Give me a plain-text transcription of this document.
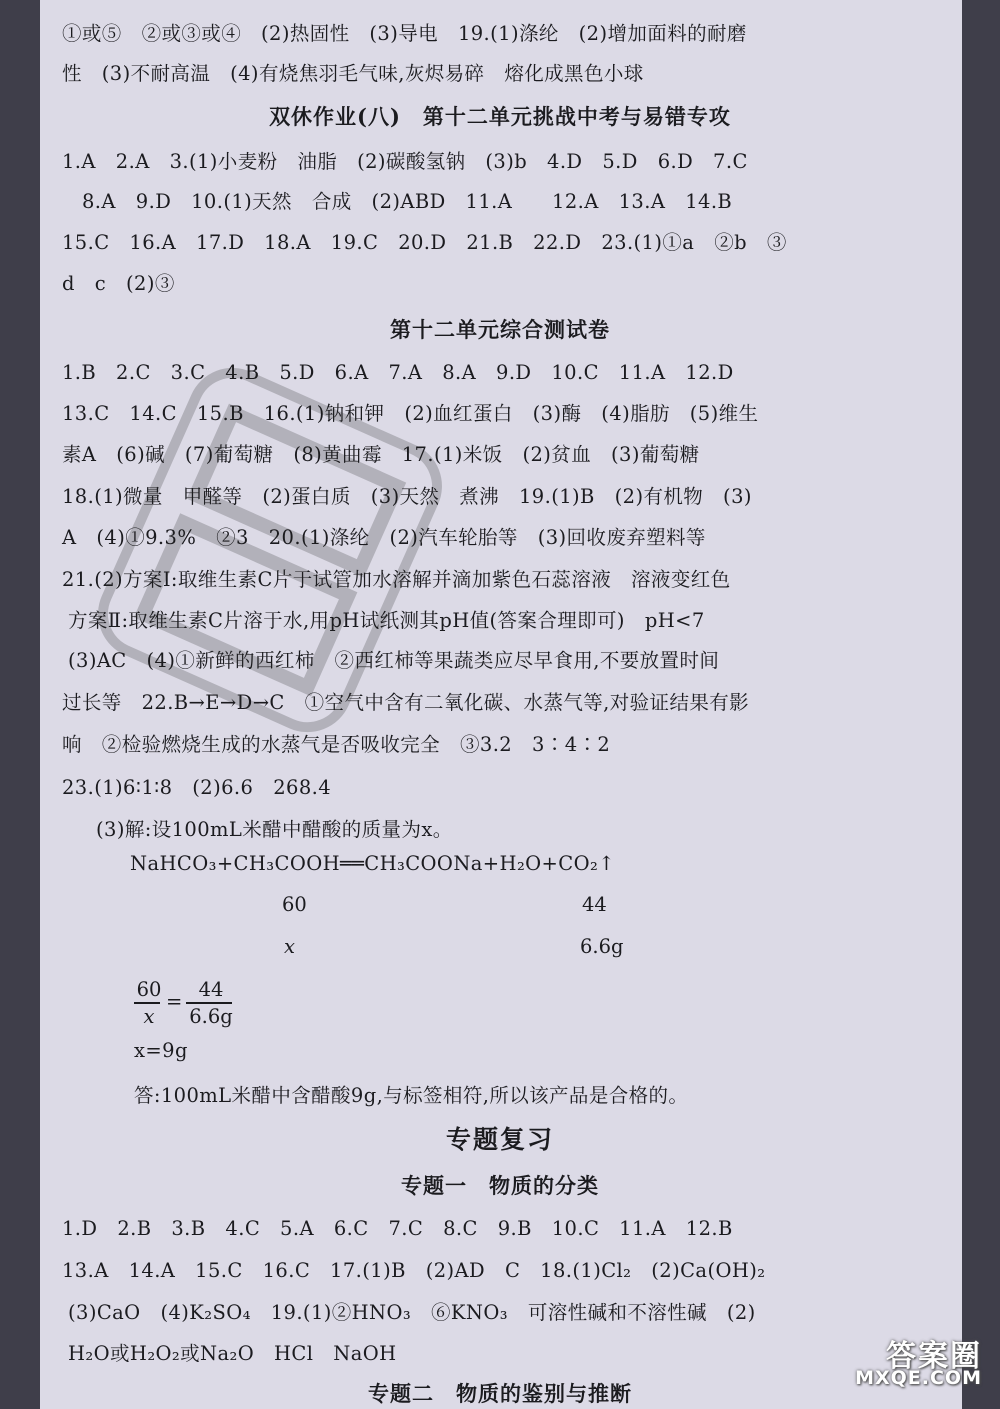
①或⑤　②或③或④　(2)热固性　(3)导电　19.(1)涤纶　(2)增加面料的耐磨
性　(3)不耐高温　(4)有烧焦羽毛气味,灰烬易碎　熔化成黑色小球
双休作业(八)　第十二单元挑战中考与易错专攻
1.A　2.A　3.(1)小麦粉　油脂　(2)碳酸氢钠　(3)b　4.D　5.D　6.D　7.C
8.A　9.D　10.(1)天然　合成　(2)ABD　11.A　　12.A　13.A　14.B
15.C　16.A　17.D　18.A　19.C　20.D　21.B　22.D　23.(1)①a　②b　③
d　c　(2)③
第十二单元综合测试卷
1.B　2.C　3.C　4.B　5.D　6.A　7.A　8.A　9.D　10.C　11.A　12.D
13.C　14.C　15.B　16.(1)钠和钾　(2)血红蛋白　(3)酶　(4)脂肪　(5)维生
素A　(6)碱　(7)葡萄糖　(8)黄曲霉　17.(1)米饭　(2)贫血　(3)葡萄糖
18.(1)微量　甲醛等　(2)蛋白质　(3)天然　煮沸　19.(1)B　(2)有机物　(3)
A　(4)①9.3%　②3　20.(1)涤纶　(2)汽车轮胎等　(3)回收废弃塑料等
21.(2)方案Ⅰ:取维生素C片于试管加水溶解并滴加紫色石蕊溶液　溶液变红色
方案Ⅱ:取维生素C片溶于水,用pH试纸测其pH值(答案合理即可)　pH<7
(3)AC　(4)①新鲜的西红柿　②西红柿等果蔬类应尽早食用,不要放置时间
过长等　22.B→E→D→C　①空气中含有二氧化碳、水蒸气等,对验证结果有影
响　②检验燃烧生成的水蒸气是否吸收完全　③3.2　3∶4∶2
23.(1)6∶1∶8　(2)6.6　268.4
(3)解:设100mL米醋中醋酸的质量为x。
NaHCO₃+CH₃COOH══CH₃COONa+H₂O+CO₂↑
60	44
x	6.6g
60
x
=
44
6.6g
x=9g
答:100mL米醋中含醋酸9g,与标签相符,所以该产品是合格的。
专题复习
专题一　物质的分类
1.D　2.B　3.B　4.C　5.A　6.C　7.C　8.C　9.B　10.C　11.A　12.B
13.A　14.A　15.C　16.C　17.(1)B　(2)AD　C　18.(1)Cl₂　(2)Ca(OH)₂
(3)CaO　(4)K₂SO₄　19.(1)②HNO₃　⑥KNO₃　可溶性碱和不溶性碱　(2)
H₂O或H₂O₂或Na₂O　HCl　NaOH
专题二　物质的鉴别与推断
答案圈
MXQE.COM
